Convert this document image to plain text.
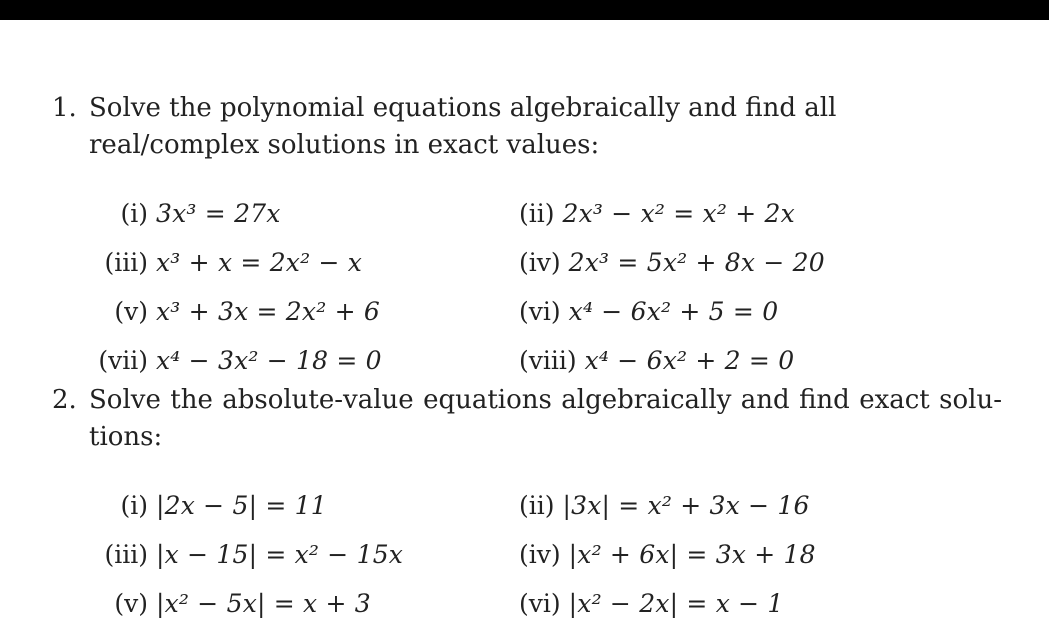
1. Solve the polynomial equations algebraically and find all real/complex solutions in exact values:
(i) 3x³ = 27x	(ii) 2x³ − x² = x² + 2x
(iii) x³ + x = 2x² − x	(iv) 2x³ = 5x² + 8x − 20
(v) x³ + 3x = 2x² + 6	(vi) x⁴ − 6x² + 5 = 0
(vii) x⁴ − 3x² − 18 = 0	(viii) x⁴ − 6x² + 2 = 0
2. Solve the absolute-value equations algebraically and find exact solu- tions:
(i) |2x − 5| = 11	(ii) |3x| = x² + 3x − 16
(iii) |x − 15| = x² − 15x	(iv) |x² + 6x| = 3x + 18
(v) |x² − 5x| = x + 3	(vi) |x² − 2x| = x − 1
